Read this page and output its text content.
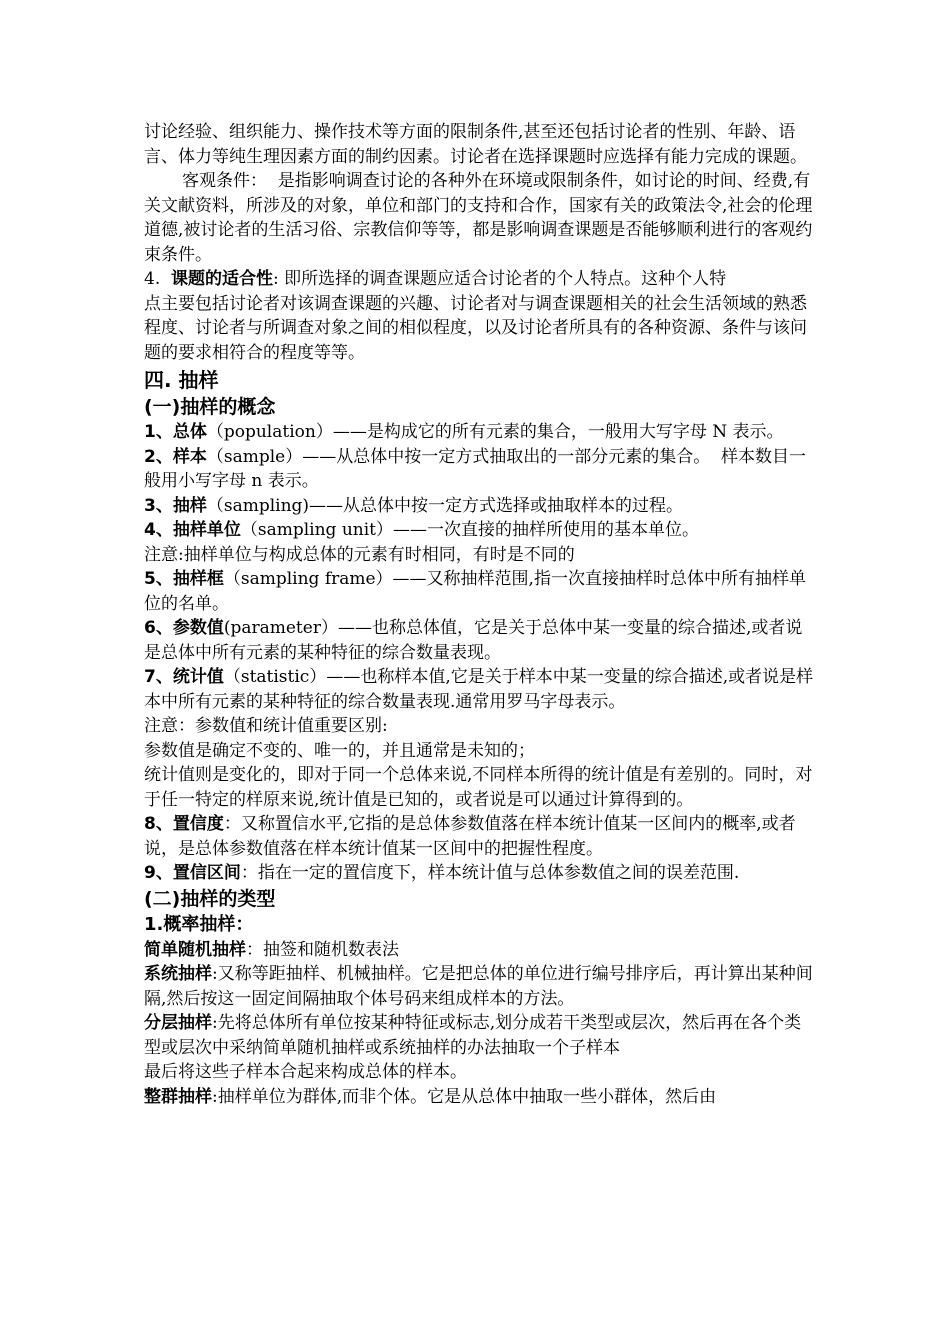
讨论经验、组织能力、操作技术等方面的限制条件,甚至还包括讨论者的性别、年龄、语言、体力等纯生理因素方面的制约因素。讨论者在选择课题时应选择有能力完成的课题。

客观条件：  是指影响调查讨论的各种外在环境或限制条件，如讨论的时间、经费,有关文献资料，所涉及的对象，单位和部门的支持和合作，国家有关的政策法令,社会的伦理道德,被讨论者的生活习俗、宗教信仰等等，都是影响调查课题是否能够顺利进行的客观约束条件。

4.  课题的适合性: 即所选择的调查课题应适合讨论者的个人特点。这种个人特

点主要包括讨论者对该调查课题的兴趣、讨论者对与调查课题相关的社会生活领域的熟悉程度、讨论者与所调查对象之间的相似程度，以及讨论者所具有的各种资源、条件与该问题的要求相符合的程度等等。

四. 抽样
(一)抽样的概念

1、总体（population）——是构成它的所有元素的集合，一般用大写字母 N 表示。

2、样本（sample）——从总体中按一定方式抽取出的一部分元素的集合。  样本数目一般用小写字母 n 表示。

3、抽样（sampling)——从总体中按一定方式选择或抽取样本的过程。

4、抽样单位（sampling unit）——一次直接的抽样所使用的基本单位。

注意:抽样单位与构成总体的元素有时相同，有时是不同的

5、抽样框（sampling frame）——又称抽样范围,指一次直接抽样时总体中所有抽样单位的名单。

6、参数值(parameter）——也称总体值，它是关于总体中某一变量的综合描述,或者说是总体中所有元素的某种特征的综合数量表现。

7、统计值（statistic）——也称样本值,它是关于样本中某一变量的综合描述,或者说是样本中所有元素的某种特征的综合数量表现.通常用罗马字母表示。

注意：参数值和统计值重要区别:

参数值是确定不变的、唯一的，并且通常是未知的；

统计值则是变化的，即对于同一个总体来说,不同样本所得的统计值是有差别的。同时，对于任一特定的样原来说,统计值是已知的，或者说是可以通过计算得到的。

8、置信度：又称置信水平,它指的是总体参数值落在样本统计值某一区间内的概率,或者说，是总体参数值落在样本统计值某一区间中的把握性程度。

9、置信区间：指在一定的置信度下，样本统计值与总体参数值之间的误差范围.

(二)抽样的类型
1.概率抽样：

简单随机抽样：抽签和随机数表法

系统抽样:又称等距抽样、机械抽样。它是把总体的单位进行编号排序后，再计算出某种间隔,然后按这一固定间隔抽取个体号码来组成样本的方法。

分层抽样:先将总体所有单位按某种特征或标志,划分成若干类型或层次，然后再在各个类型或层次中采纳简单随机抽样或系统抽样的办法抽取一个子样本

最后将这些子样本合起来构成总体的样本。

整群抽样:抽样单位为群体,而非个体。它是从总体中抽取一些小群体，然后由
